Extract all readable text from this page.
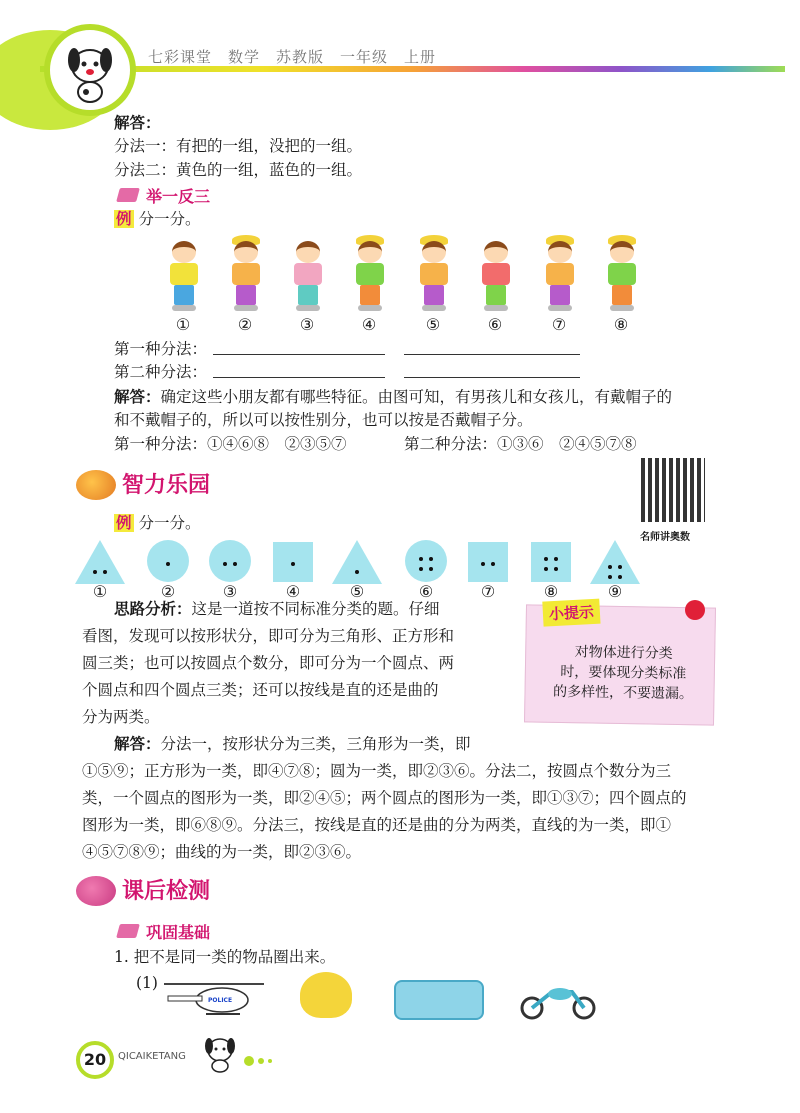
七彩课堂　数学　苏教版　一年级　上册
解答：
分法一：有把的一组，没把的一组。
分法二：黄色的一组，蓝色的一组。
举一反三
例 分一分。
①	②	③	④	⑤	⑥	⑦	⑧
第一种分法：
第二种分法：
解答：确定这些小朋友都有哪些特征。由图可知，有男孩儿和女孩儿，有戴帽子的
和不戴帽子的，所以可以按性别分，也可以按是否戴帽子分。
第一种分法：①④⑥⑧　②③⑤⑦	第二种分法：①③⑥　②④⑤⑦⑧
智力乐园
名师讲奥数
例 分一分。
①	②	③	④	⑤	⑥	⑦	⑧	⑨
思路分析：这是一道按不同标准分类的题。仔细
看图，发现可以按形状分，即可分为三角形、正方形和
圆三类；也可以按圆点个数分，即可分为一个圆点、两
个圆点和四个圆点三类；还可以按线是直的还是曲的
分为两类。
小提示
对物体进行分类
时，要体现分类标准
的多样性，不要遗漏。
解答：分法一，按形状分为三类，三角形为一类，即
①⑤⑨；正方形为一类，即④⑦⑧；圆为一类，即②③⑥。分法二，按圆点个数分为三
类，一个圆点的图形为一类，即②④⑤；两个圆点的图形为一类，即①③⑦；四个圆点的
图形为一类，即⑥⑧⑨。分法三，按线是直的还是曲的分为两类，直线的为一类，即①
④⑤⑦⑧⑨；曲线的为一类，即②③⑥。
课后检测
巩固基础
1. 把不是同一类的物品圈出来。
(1)
POLICE
20	QICAIKETANG
